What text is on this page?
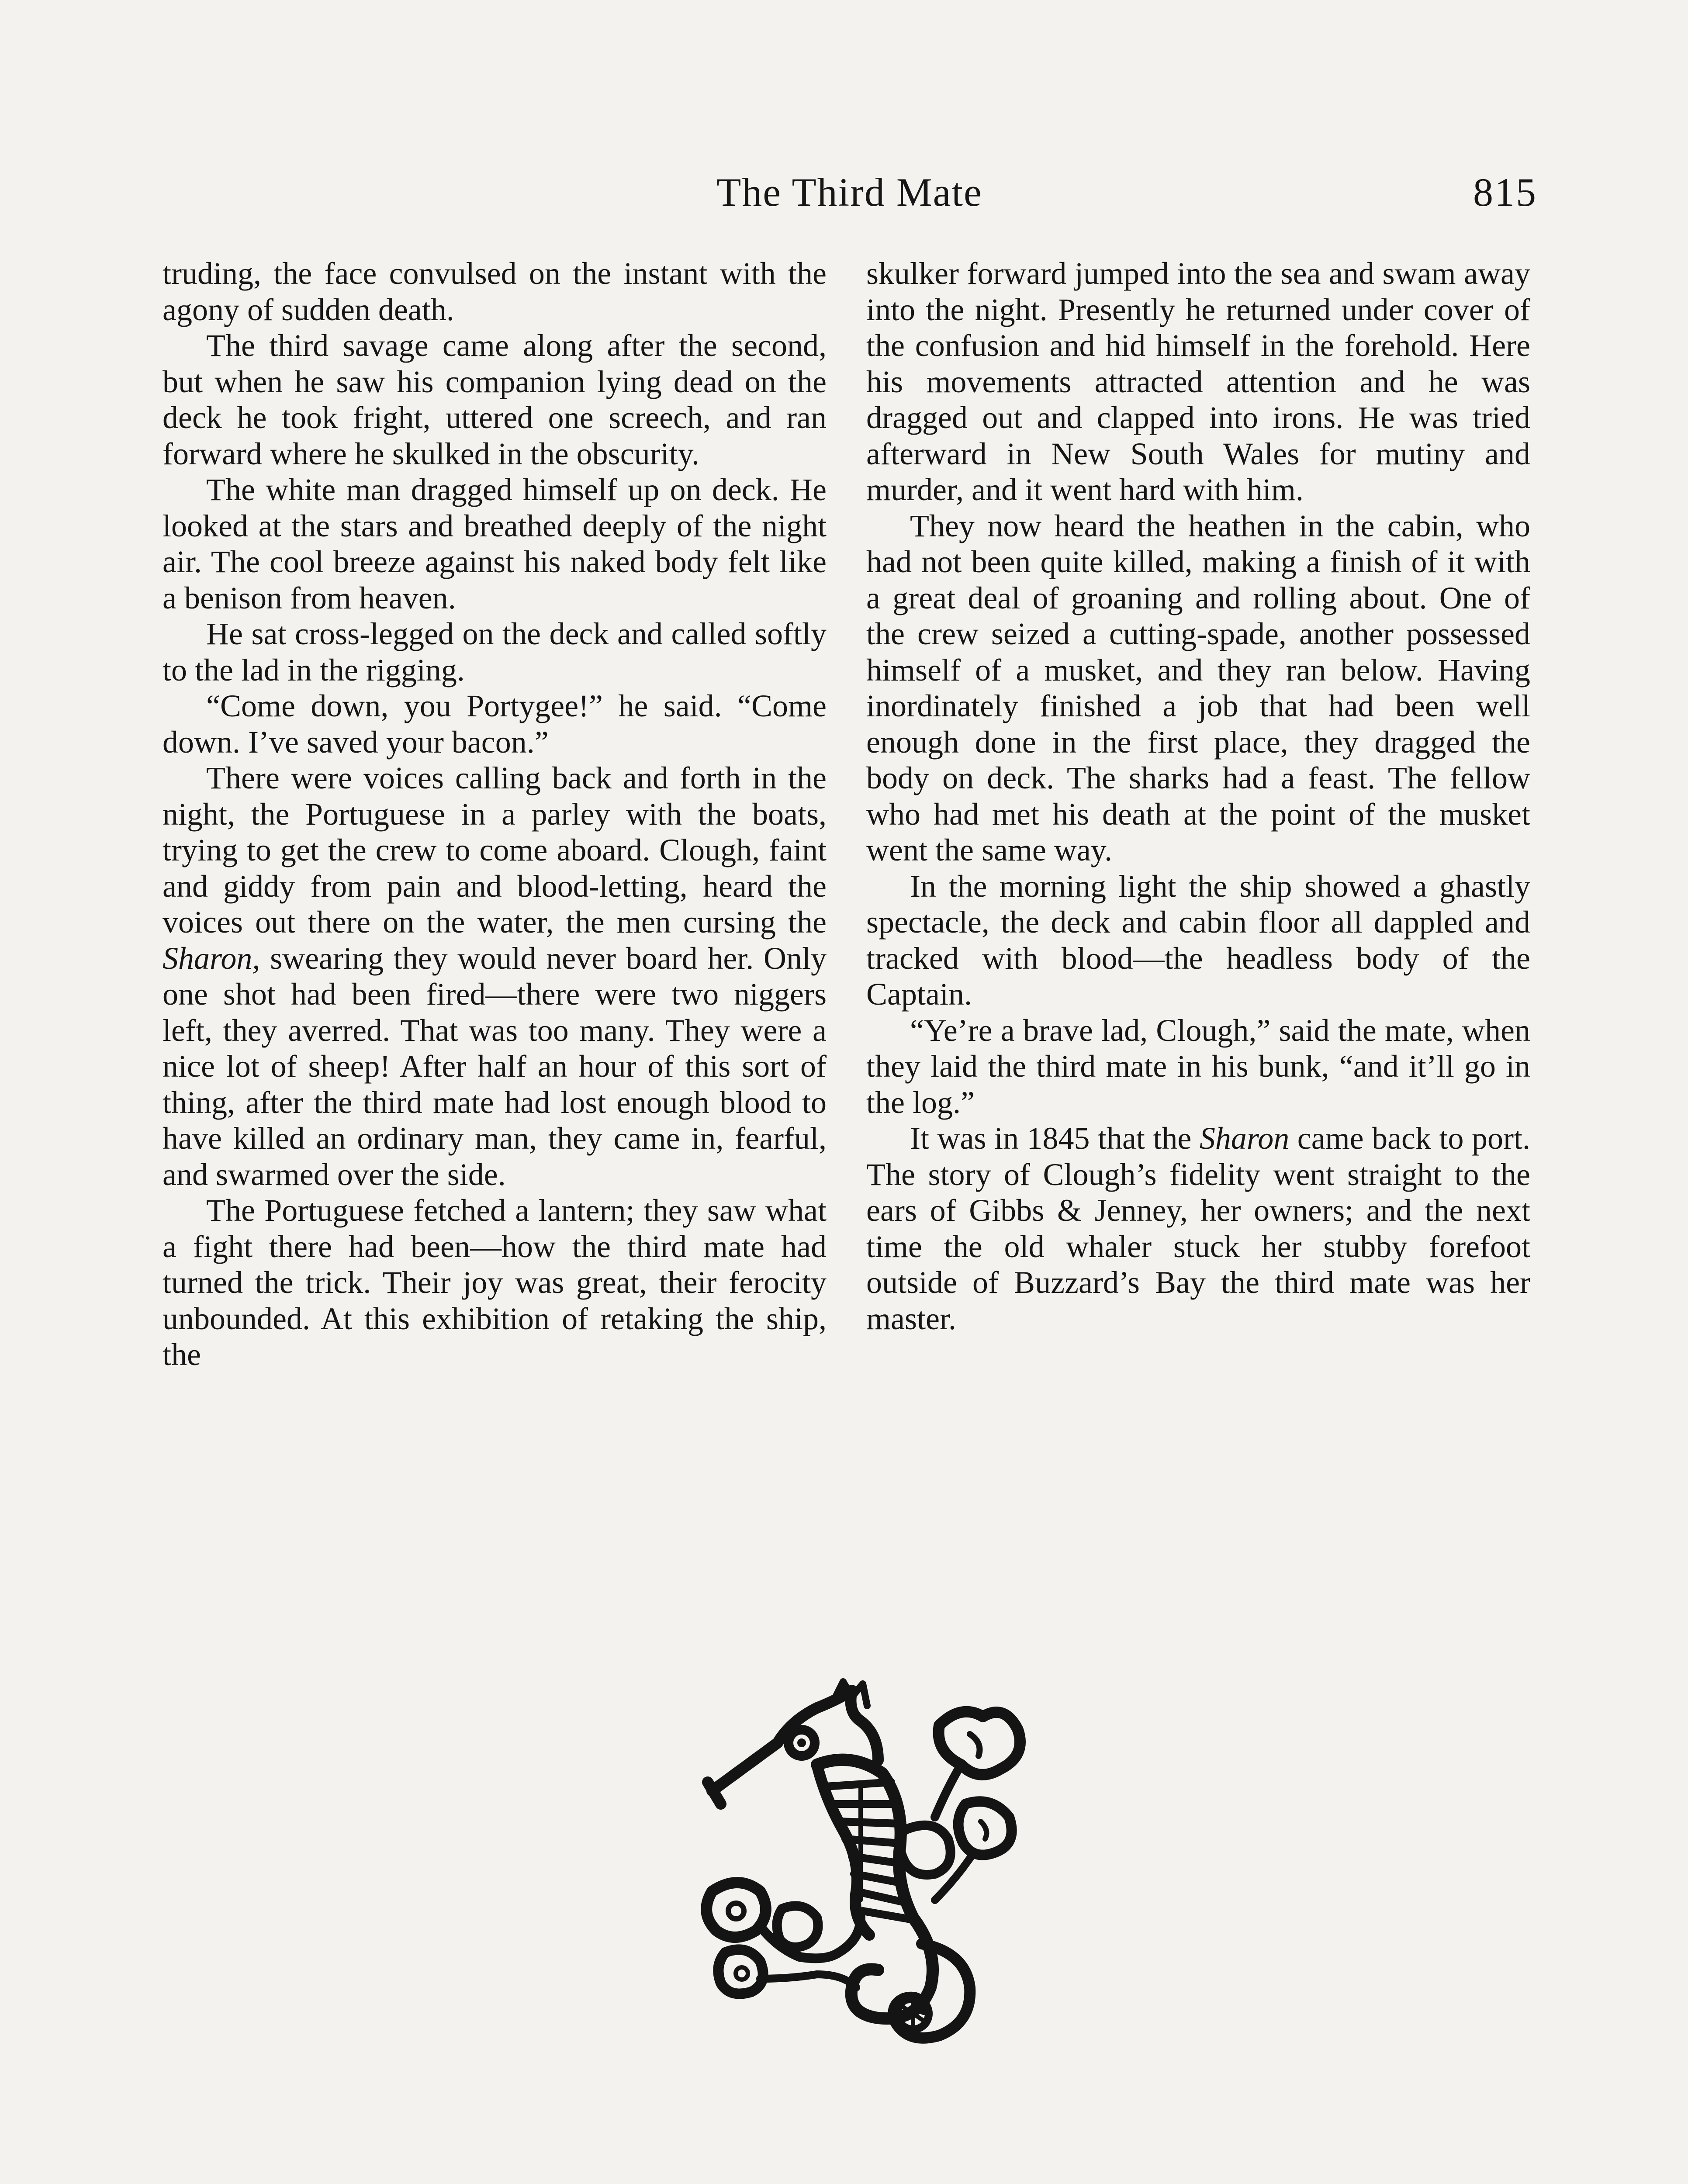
The Third Mate	815

truding, the face convulsed on the instant with the agony of sudden death.

The third savage came along after the second, but when he saw his companion lying dead on the deck he took fright, uttered one screech, and ran forward where he skulked in the obscurity.

The white man dragged himself up on deck. He looked at the stars and breathed deeply of the night air. The cool breeze against his naked body felt like a benison from heaven.

He sat cross-legged on the deck and called softly to the lad in the rigging.

“Come down, you Portygee!” he said. “Come down. I’ve saved your bacon.”

There were voices calling back and forth in the night, the Portuguese in a parley with the boats, trying to get the crew to come aboard. Clough, faint and giddy from pain and blood-letting, heard the voices out there on the water, the men cursing the Sharon, swearing they would never board her. Only one shot had been fired—there were two niggers left, they averred. That was too many. They were a nice lot of sheep! After half an hour of this sort of thing, after the third mate had lost enough blood to have killed an ordinary man, they came in, fearful, and swarmed over the side.

The Portuguese fetched a lantern; they saw what a fight there had been—how the third mate had turned the trick. Their joy was great, their ferocity unbounded. At this exhibition of retaking the ship, the

skulker forward jumped into the sea and swam away into the night. Presently he returned under cover of the confusion and hid himself in the forehold. Here his movements attracted attention and he was dragged out and clapped into irons. He was tried afterward in New South Wales for mutiny and murder, and it went hard with him.

They now heard the heathen in the cabin, who had not been quite killed, making a finish of it with a great deal of groaning and rolling about. One of the crew seized a cutting-spade, another possessed himself of a musket, and they ran below. Having inordinately finished a job that had been well enough done in the first place, they dragged the body on deck. The sharks had a feast. The fellow who had met his death at the point of the musket went the same way.

In the morning light the ship showed a ghastly spectacle, the deck and cabin floor all dappled and tracked with blood—the headless body of the Captain.

“Ye’re a brave lad, Clough,” said the mate, when they laid the third mate in his bunk, “and it’ll go in the log.”

It was in 1845 that the Sharon came back to port. The story of Clough’s fidelity went straight to the ears of Gibbs & Jenney, her owners; and the next time the old whaler stuck her stubby forefoot outside of Buzzard’s Bay the third mate was her master.
